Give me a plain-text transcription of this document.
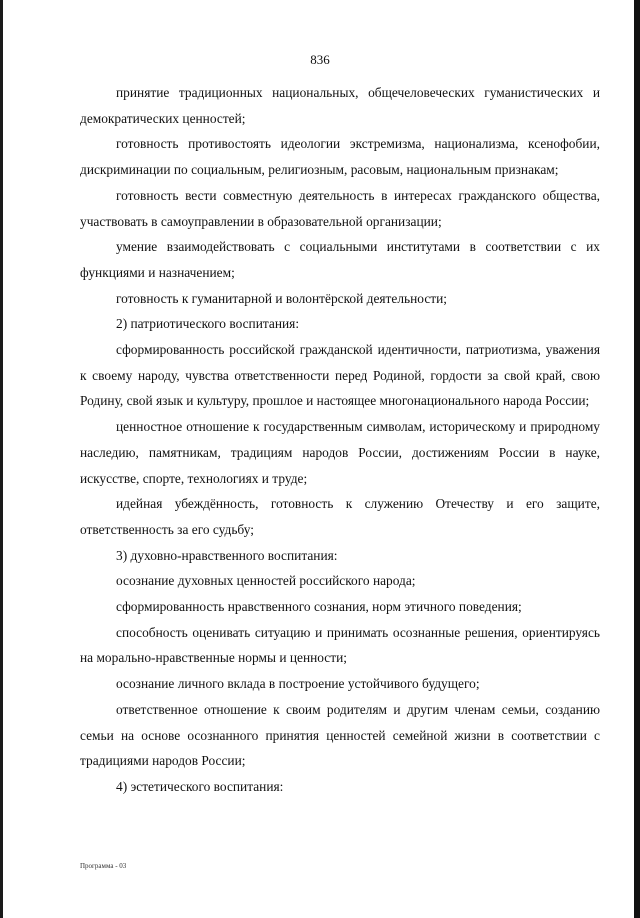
836

принятие традиционных национальных, общечеловеческих гуманистических и демократических ценностей;

готовность противостоять идеологии экстремизма, национализма, ксенофобии, дискриминации по социальным, религиозным, расовым, национальным признакам;

готовность вести совместную деятельность в интересах гражданского общества, участвовать в самоуправлении в образовательной организации;

умение взаимодействовать с социальными институтами в соответствии с их функциями и назначением;

готовность к гуманитарной и волонтёрской деятельности;

2) патриотического воспитания:

сформированность российской гражданской идентичности, патриотизма, уважения к своему народу, чувства ответственности перед Родиной, гордости за свой край, свою Родину, свой язык и культуру, прошлое и настоящее многонационального народа России;

ценностное отношение к государственным символам, историческому и природному наследию, памятникам, традициям народов России, достижениям России в науке, искусстве, спорте, технологиях и труде;

идейная убеждённость, готовность к служению Отечеству и его защите, ответственность за его судьбу;

3) духовно-нравственного воспитания:

осознание духовных ценностей российского народа;

сформированность нравственного сознания, норм этичного поведения;

способность оценивать ситуацию и принимать осознанные решения, ориентируясь на морально-нравственные нормы и ценности;

осознание личного вклада в построение устойчивого будущего;

ответственное отношение к своим родителям и другим членам семьи, созданию семьи на основе осознанного принятия ценностей семейной жизни в соответствии с традициями народов России;

4) эстетического воспитания:

Программа - 03
